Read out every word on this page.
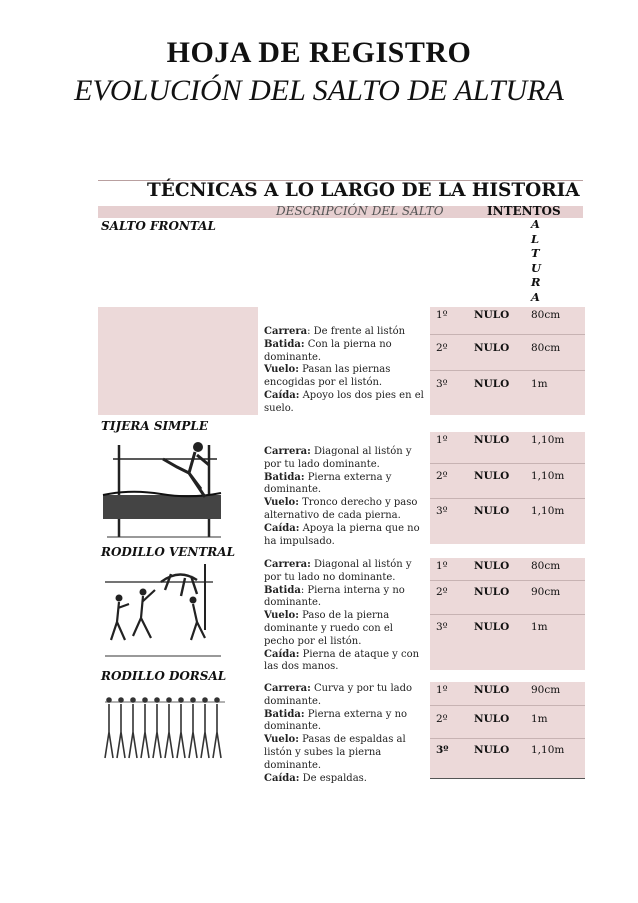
HOJA DE REGISTRO
EVOLUCIÓN DEL SALTO DE ALTURA
TÉCNICAS A LO LARGO DE LA HISTORIA
DESCRIPCIÓN DEL SALTO	INTENTOS
A
L
T
U
R
A
SALTO FRONTAL
Carrera: De frente al listón
Batida: Con la pierna no dominante.
Vuelo: Pasan las piernas encogidas por el listón.
Caída: Apoyo los dos pies en el suelo.
1º	NULO 80cm
2º	NULO 80cm
3º	NULO 1m
TIJERA SIMPLE
Carrera: Diagonal al listón y por tu lado dominante.
Batida: Pierna externa y dominante.
Vuelo: Tronco derecho y paso alternativo de cada pierna.
Caída: Apoya la pierna que no ha impulsado.
1º	NULO 1,10m
2º	NULO 1,10m
3º	NULO 1,10m
RODILLO VENTRAL
Carrera: Diagonal al listón y por tu lado no dominante.
Batida: Pierna interna y no dominante.
Vuelo: Paso de la pierna dominante y ruedo con el pecho por el listón.
Caída: Pierna de ataque y con las dos manos.
1º	NULO 80cm
2º	NULO 90cm
3º	NULO 1m
RODILLO DORSAL
Carrera: Curva y por tu lado dominante.
Batida: Pierna externa y no dominante.
Vuelo: Pasas de espaldas al listón y subes la pierna dominante.
Caída: De espaldas.
1º	NULO 90cm
2º	NULO 1m
3º NULO 1,10m
